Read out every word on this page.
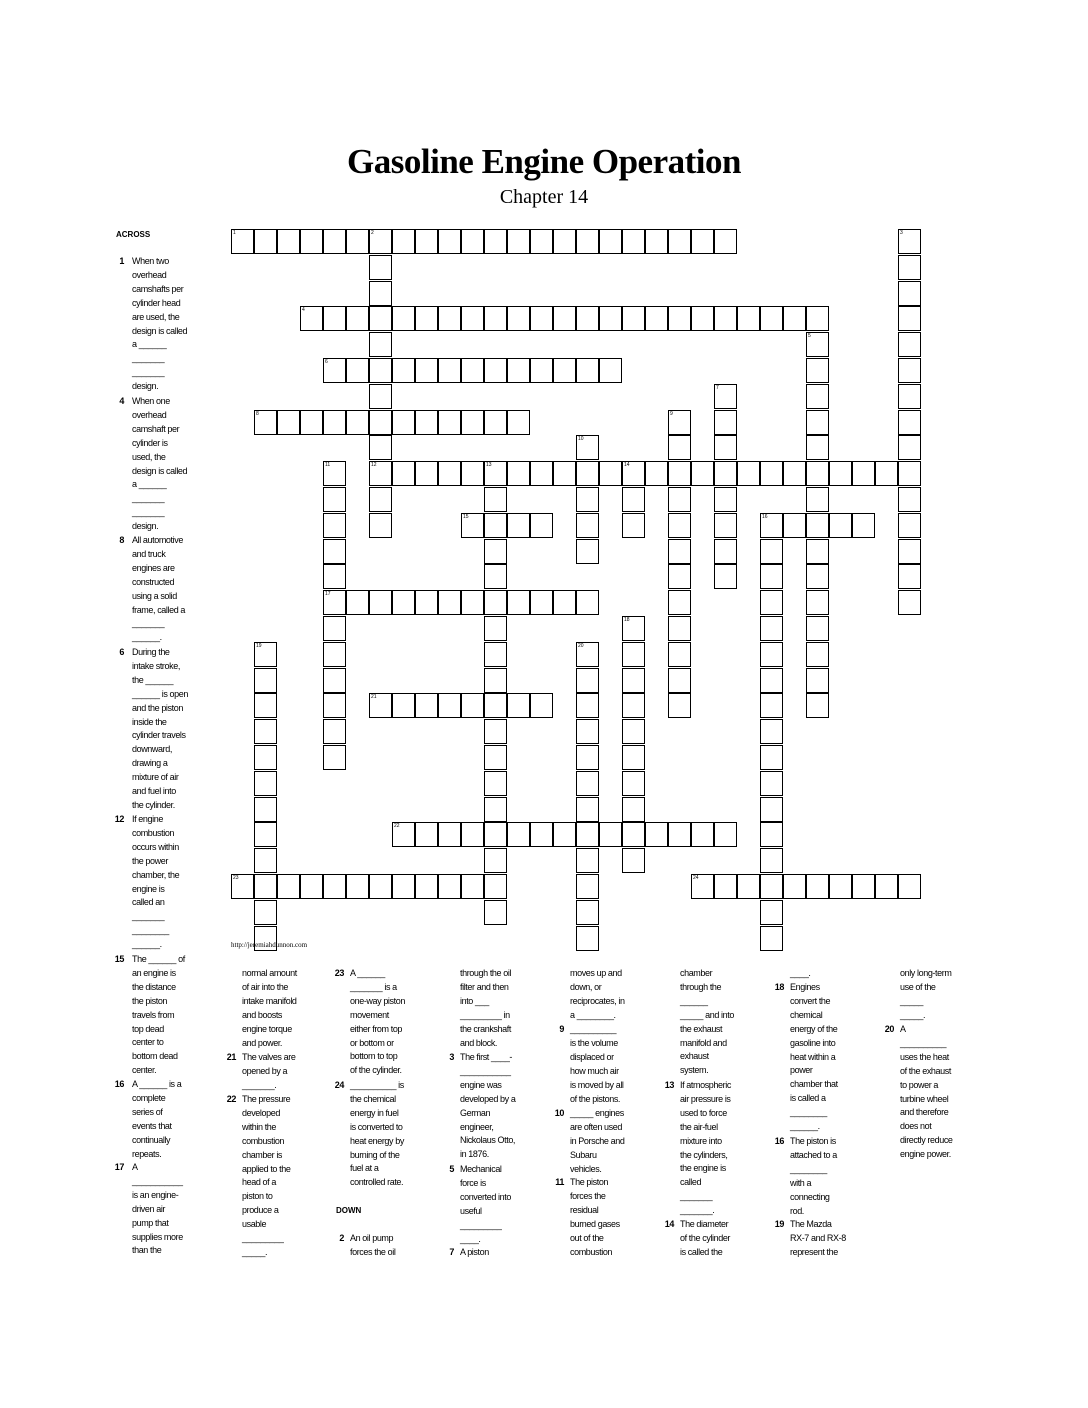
Gasoline Engine Operation
Chapter 14
1	2
12
3
4
5
6
7
8	9
10
11
17
13	14
15	16
18
19	20
21
22
23	24
ACROSS
DOWN
1 When two
overhead
camshafts per
cylinder head
are used, the
design is called
a ______
_______
_______
design.
4 When one
overhead
camshaft per
cylinder is
used, the
design is called
a ______
_______
_______
design.
8 All automotive
and truck
engines are
constructed
using a solid
frame, called a
_______
______.
6 During the
intake stroke,
the ______
______ is open
and the piston
inside the
cylinder travels
downward,
drawing a
mixture of air
and fuel into
the cylinder.
12 If engine
combustion
occurs within
the power
chamber, the
engine is
called an
_______
________
______.
15 The ______ of
an engine is
the distance
the piston
travels from
top dead
center to
bottom dead
center.
16 A ______ is a
complete
series of
events that
continually
repeats.
17 A
___________
is an engine-
driven air
pump that
supplies more
than the
normal amount
of air into the
intake manifold
and boosts
engine torque
and power.
21 The valves are
opened by a
_______.
22 The pressure
developed
within the
combustion
chamber is
applied to the
head of a
piston to
produce a
usable
_________
_____.
23 A ______
_______ is a
one-way piston
movement
either from top
or bottom or
bottom to top
of the cylinder.
24 __________ is
the chemical
energy in fuel
is converted to
heat energy by
burning of the
fuel at a
controlled rate.
2 An oil pump
forces the oil
through the oil
filter and then
into ___
_________ in
the crankshaft
and block.
3 The first ____-
___________
engine was
developed by a
German
engineer,
Nickolaus Otto,
in 1876.
5 Mechanical
force is
converted into
useful
_________
____.
7 A piston
moves up and
down, or
reciprocates, in
a ________.
9 __________
is the volume
displaced or
how much air
is moved by all
of the pistons.
10 _____ engines
are often used
in Porsche and
Subaru
vehicles.
11 The piston
forces the
residual
burned gases
out of the
combustion
chamber
through the
______
_____ and into
the exhaust
manifold and
exhaust
system.
13 If atmospheric
air pressure is
used to force
the air-fuel
mixture into
the cylinders,
the engine is
called
_______
_______.
14 The diameter
of the cylinder
is called the
____.
18 Engines
convert the
chemical
energy of the
gasoline into
heat within a
power
chamber that
is called a
________
______.
16 The piston is
attached to a
________
with a
connecting
rod.
19 The Mazda
RX-7 and RX-8
represent the
only long-term
use of the
_____
_____.
20 A
__________
uses the heat
of the exhaust
to power a
turbine wheel
and therefore
does not
directly reduce
engine power.
http://jeremiahdunnon.com
